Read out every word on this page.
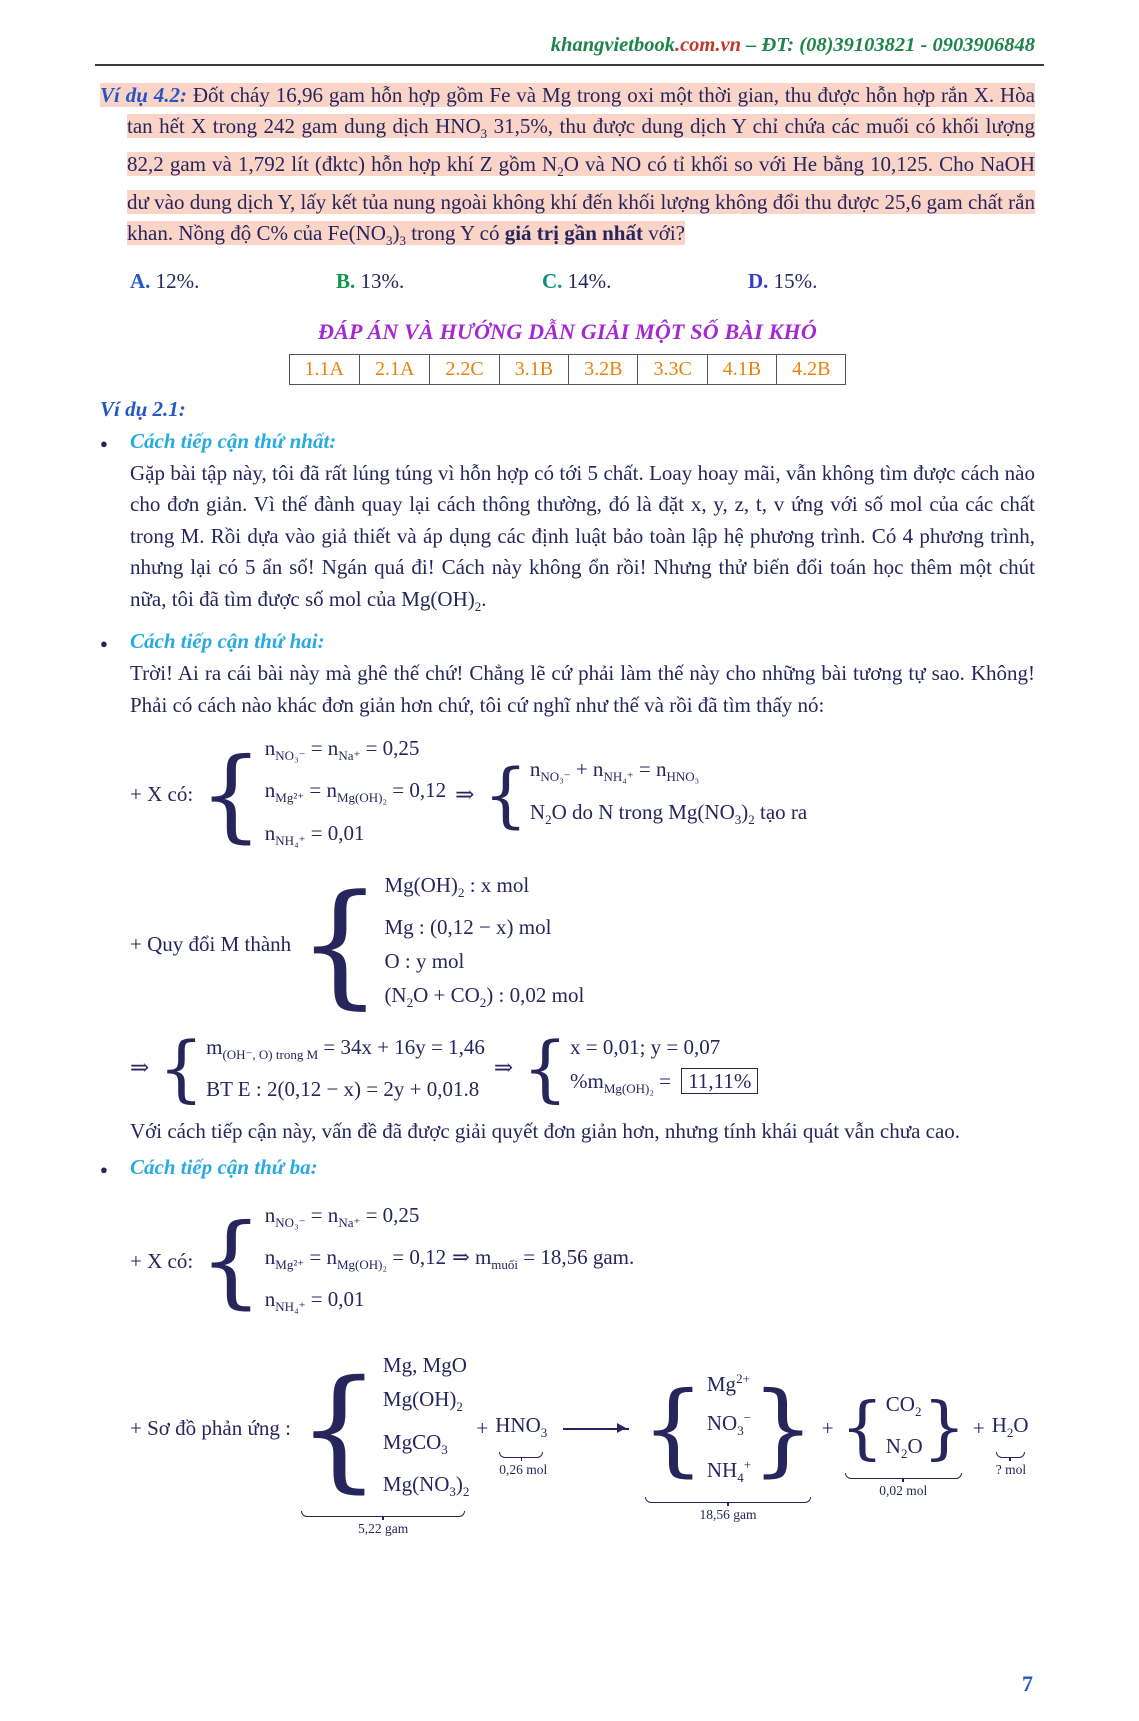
khangvietbook.com.vn – ĐT: (08)39103821 - 0903906848

Ví dụ 4.2: Đốt cháy 16,96 gam hỗn hợp gồm Fe và Mg trong oxi một thời gian, thu được hỗn hợp rắn X. Hòa tan hết X trong 242 gam dung dịch $HNO_3$ 31,5%, thu được dung dịch Y chỉ chứa các muối có khối lượng 82,2 gam và 1,792 lít (đktc) hỗn hợp khí Z gồm $N_2O$ và NO có tỉ khối so với He bằng 10,125. Cho NaOH dư vào dung dịch Y, lấy kết tủa nung ngoài không khí đến khối lượng không đổi thu được 25,6 gam chất rắn khan. Nồng độ C% của $Fe(NO_3)_3$ trong Y có giá trị gần nhất với?

A. 12%.	B. 13%.	C. 14%.	D. 15%.
ĐÁP ÁN VÀ HƯỚNG DẪN GIẢI MỘT SỐ BÀI KHÓ
1.1A	2.1A	2.2C	3.1B	3.2B	3.3C	4.1B	4.2B
Ví dụ 2.1:
●	Cách tiếp cận thứ nhất:

Gặp bài tập này, tôi đã rất lúng túng vì hỗn hợp có tới 5 chất. Loay hoay mãi, vẫn không tìm được cách nào cho đơn giản. Vì thế đành quay lại cách thông thường, đó là đặt x, y, z, t, v ứng với số mol của các chất trong M. Rồi dựa vào giả thiết và áp dụng các định luật bảo toàn lập hệ phương trình. Có 4 phương trình, nhưng lại có 5 ẩn số! Ngán quá đi! Cách này không ổn rồi! Nhưng thử biến đổi toán học thêm một chút nữa, tôi đã tìm được số mol của $Mg(OH)_2$.

●	Cách tiếp cận thứ hai:

Trời! Ai ra cái bài này mà ghê thế chứ! Chẳng lẽ cứ phải làm thế này cho những bài tương tự sao. Không! Phải có cách nào khác đơn giản hơn chứ, tôi cứ nghĩ như thế và rồi đã tìm thấy nó:

+ X có: { $n_{NO_3^-} = n_{Na^+} = 0,25$
$n_{Mg^{2+}} = n_{Mg(OH)_2} = 0,12$
$n_{NH_4^+} = 0,01$
⇒ { $n_{NO_3^-} + n_{NH_4^+} = n_{HNO_3}$
$N_2O$ do N trong $Mg(NO_3)_2$ tạo ra
+ Quy đổi M thành { $Mg(OH)_2$ : x mol
Mg : (0,12 − x) mol
O : y mol
$(N_2O + CO_2)$ : 0,02 mol
⇒ { $m_{(OH^-, O) trong M} = 34x + 16y = 1,46$
BT E : 2(0,12 − x) = 2y + 0,01.8
⇒ { x = 0,01; y = 0,07
$\%m_{Mg(OH)_2} = 11,11\%$

Với cách tiếp cận này, vấn đề đã được giải quyết đơn giản hơn, nhưng tính khái quát vẫn chưa cao.

●	Cách tiếp cận thứ ba:
+ X có: { $n_{NO_3^-} = n_{Na^+} = 0,25$
$n_{Mg^{2+}} = n_{Mg(OH)_2} = 0,12$
$n_{NH_4^+} = 0,01$
⇒ $m_{muối} = 18,56$ gam.
+ Sơ đồ phản ứng : { Mg, MgO
$Mg(OH)_2$
MgCO$_3$
$Mg(NO_3)_2$
5,22 gam
+ $HNO_3$
0,26 mol → { $Mg^{2+}$
$NO_3^-$
$NH_4^+$ }
18,56 gam
+ { $CO_2$
$N_2O$ }
0,02 mol
+ $H_2O$
? mol
7
